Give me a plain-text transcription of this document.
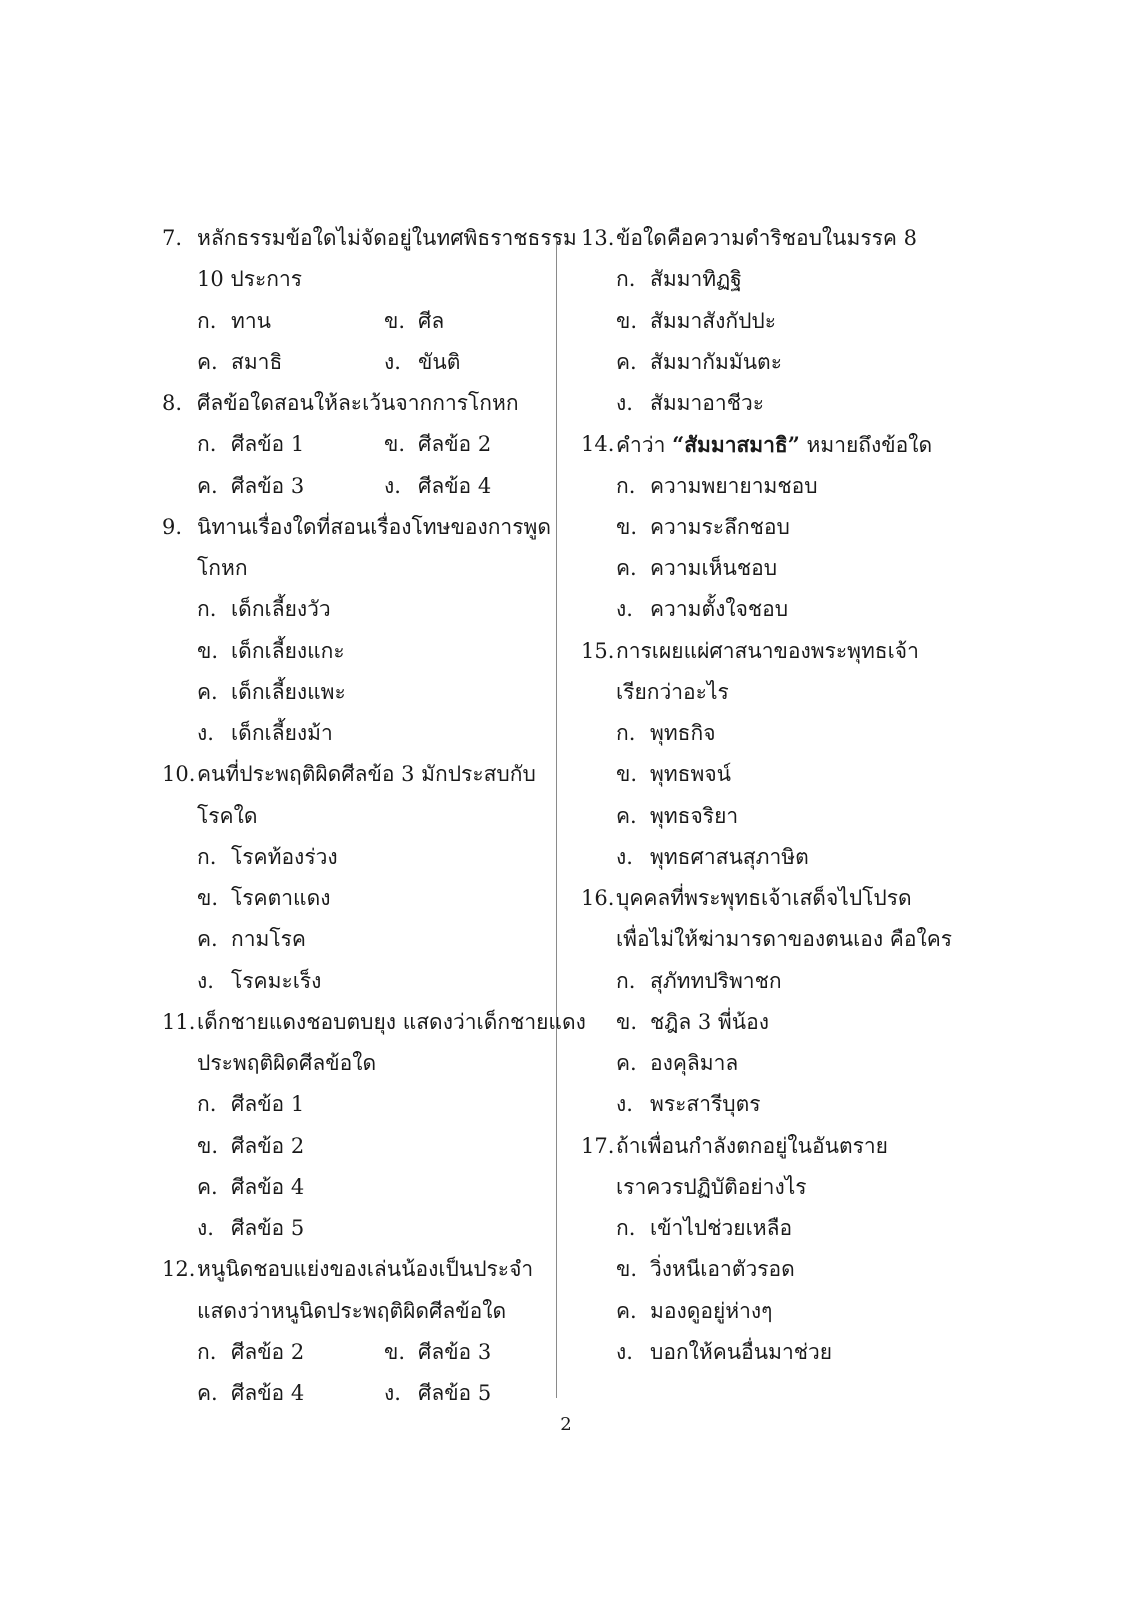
7. หลักธรรมข้อใดไม่จัดอยู่ในทศพิธราชธรรม
10 ประการ
ก. ทาน	ข. ศีล
ค. สมาธิ	ง. ขันติ
8. ศีลข้อใดสอนให้ละเว้นจากการโกหก
ก. ศีลข้อ 1	ข. ศีลข้อ 2
ค. ศีลข้อ 3	ง. ศีลข้อ 4
9. นิทานเรื่องใดที่สอนเรื่องโทษของการพูด
โกหก
ก. เด็กเลี้ยงวัว
ข. เด็กเลี้ยงแกะ
ค. เด็กเลี้ยงแพะ
ง. เด็กเลี้ยงม้า
10. คนที่ประพฤติผิดศีลข้อ 3 มักประสบกับ
โรคใด
ก. โรคท้องร่วง
ข. โรคตาแดง
ค. กามโรค
ง. โรคมะเร็ง
11. เด็กชายแดงชอบตบยุง แสดงว่าเด็กชายแดง
ประพฤติผิดศีลข้อใด
ก. ศีลข้อ 1
ข. ศีลข้อ 2
ค. ศีลข้อ 4
ง. ศีลข้อ 5
12. หนูนิดชอบแย่งของเล่นน้องเป็นประจำ
แสดงว่าหนูนิดประพฤติผิดศีลข้อใด
ก. ศีลข้อ 2	ข. ศีลข้อ 3
ค. ศีลข้อ 4	ง. ศีลข้อ 5
13. ข้อใดคือความดำริชอบในมรรค 8
ก. สัมมาทิฏฐิ
ข. สัมมาสังกัปปะ
ค. สัมมากัมมันตะ
ง. สัมมาอาชีวะ
14. คำว่า “สัมมาสมาธิ” หมายถึงข้อใด
ก. ความพยายามชอบ
ข. ความระลึกชอบ
ค. ความเห็นชอบ
ง. ความตั้งใจชอบ
15. การเผยแผ่ศาสนาของพระพุทธเจ้า
เรียกว่าอะไร
ก. พุทธกิจ
ข. พุทธพจน์
ค. พุทธจริยา
ง. พุทธศาสนสุภาษิต
16. บุคคลที่พระพุทธเจ้าเสด็จไปโปรด
เพื่อไม่ให้ฆ่ามารดาของตนเอง คือใคร
ก. สุภัททปริพาชก
ข. ชฎิล 3 พี่น้อง
ค. องคุลิมาล
ง. พระสารีบุตร
17. ถ้าเพื่อนกำลังตกอยู่ในอันตราย
เราควรปฏิบัติอย่างไร
ก. เข้าไปช่วยเหลือ
ข. วิ่งหนีเอาตัวรอด
ค. มองดูอยู่ห่างๆ
ง. บอกให้คนอื่นมาช่วย
2
